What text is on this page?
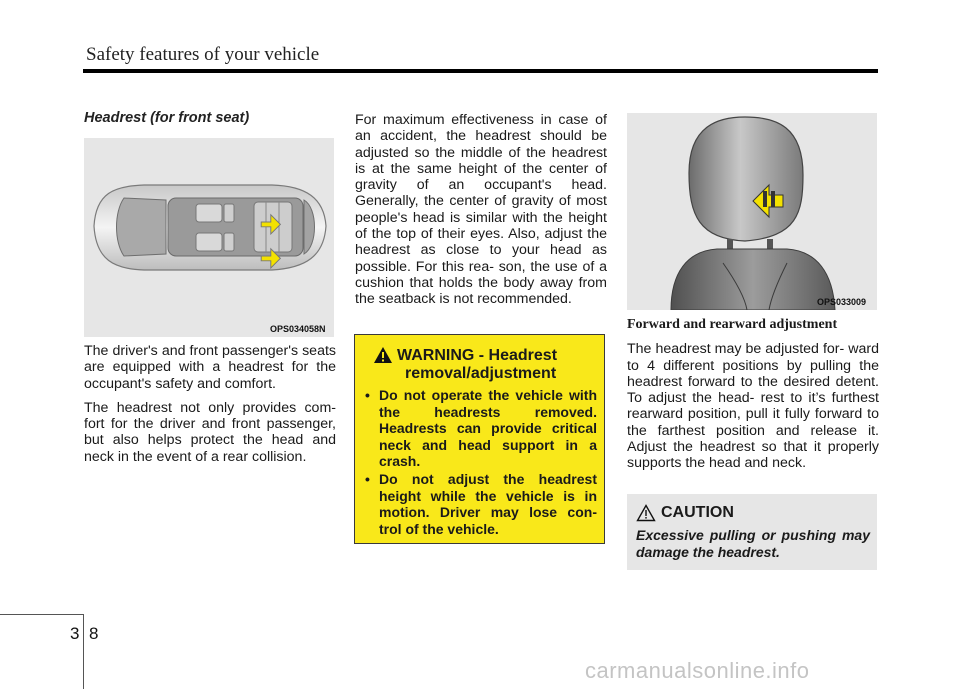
Safety features of your vehicle

Headrest (for front seat)

OPS034058N

The driver's and front passenger's seats are equipped with a headrest for the occupant's safety and comfort.

The headrest not only provides com- fort for the driver and front passenger, but also helps protect the head and neck in the event of a rear collision.

For maximum effectiveness in case of an accident, the headrest should be adjusted so the middle of the headrest is at the same height of the center of gravity of an occupant's head. Generally, the center of gravity of most people's head is similar with the height of the top of their eyes. Also, adjust the headrest as close to your head as possible. For this rea- son, the use of a cushion that holds the body away from the seatback is not recommended.

WARNING - Headrest
removal/adjustment
• Do not operate the vehicle with the headrests removed. Headrests can provide critical neck and head support in a crash.
• Do not adjust the headrest height while the vehicle is in motion. Driver may lose con- trol of the vehicle.
OPS033009

Forward and rearward adjustment

The headrest may be adjusted for- ward to 4 different positions by pulling the headrest forward to the desired detent. To adjust the head- rest to it’s furthest rearward position, pull it fully forward to the farthest position and release it. Adjust the headrest so that it properly supports the head and neck.

CAUTION
Excessive pulling or pushing may damage the headrest.
3 8
carmanualsonline.info
